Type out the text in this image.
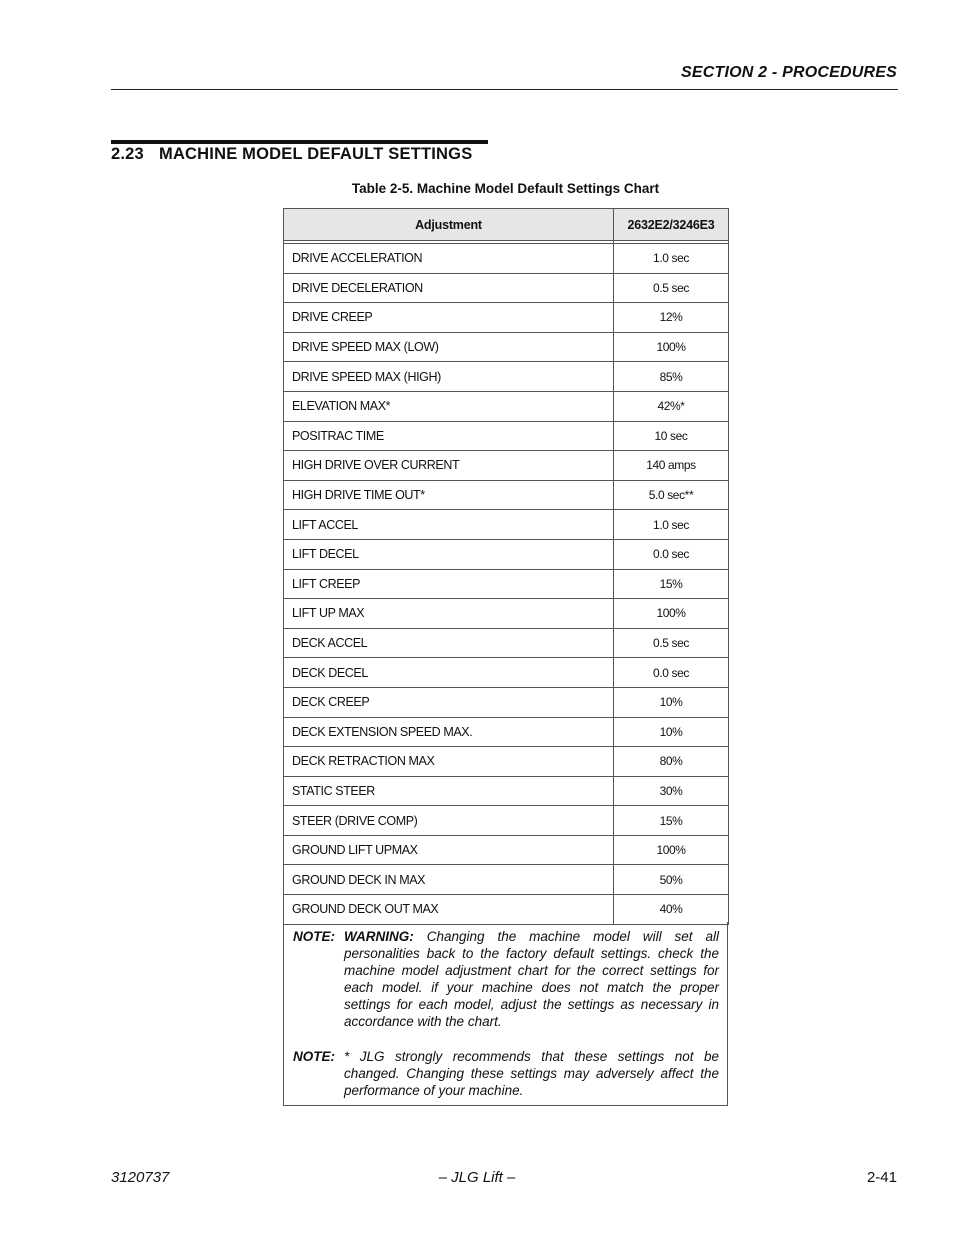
SECTION 2 - PROCEDURES
2.23 MACHINE MODEL DEFAULT SETTINGS
Table 2-5. Machine Model Default Settings Chart
Adjustment	2632E2/3246E3

DRIVE ACCELERATION	1.0 sec
DRIVE DECELERATION	0.5 sec
DRIVE CREEP	12%
DRIVE SPEED MAX (LOW)	100%
DRIVE SPEED MAX (HIGH)	85%
ELEVATION MAX*	42%*
POSITRAC TIME	10 sec
HIGH DRIVE OVER CURRENT	140 amps
HIGH DRIVE TIME OUT*	5.0 sec**
LIFT ACCEL	1.0 sec
LIFT DECEL	0.0 sec
LIFT CREEP	15%
LIFT UP MAX	100%
DECK ACCEL	0.5 sec
DECK DECEL	0.0 sec
DECK CREEP	10%
DECK EXTENSION SPEED MAX.	10%
DECK RETRACTION MAX	80%
STATIC STEER	30%
STEER (DRIVE COMP)	15%
GROUND LIFT UPMAX	100%
GROUND DECK IN MAX	50%
GROUND DECK OUT MAX	40%
NOTE: WARNING: Changing the machine model will set all personalities back to the factory default settings. check the machine model adjustment chart for the correct settings for each model. if your machine does not match the proper settings for each model, adjust the settings as necessary in accordance with the chart.
NOTE: * JLG strongly recommends that these settings not be changed. Changing these settings may adversely affect the performance of your machine.
3120737	– JLG Lift –	2-41
